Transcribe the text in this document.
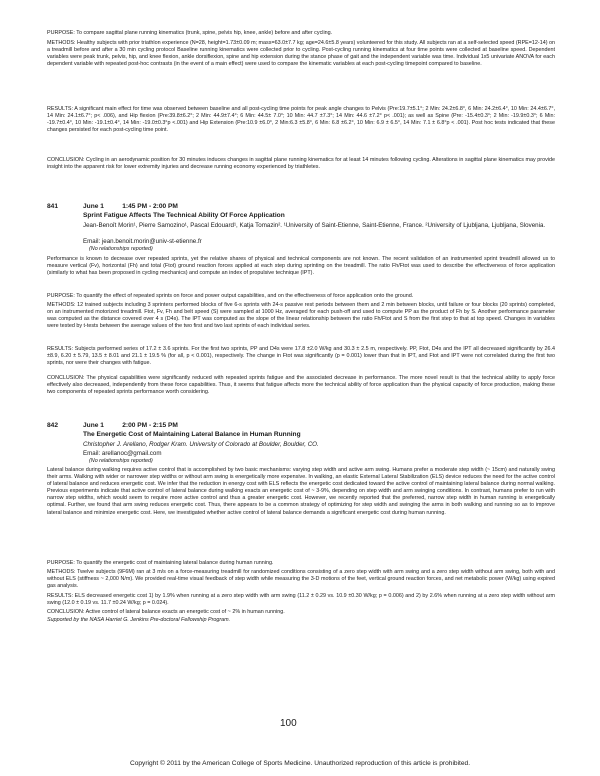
PURPOSE: To compare sagittal plane running kinematics (trunk, spine, pelvis hip, knee, ankle) before and after cycling.

METHODS: Healthy subjects with prior triathlon experience (N=28, height=1.73±0.09 m; mass=63.0±7.7 kg; age=24.6±5.8 years) volunteered for this study. All subjects ran at a self-selected speed (RPE=12-14) on a treadmill before and after a 30 min cycling protocol Baseline running kinematics were collected prior to cycling. Post-cycling running kinematics at four time points were collected at baseline speed. Dependent variables were peak trunk, pelvis, hip, and knee flexion, ankle dorsiflexion, spine and hip extension during the stance phase of gait and the independent variable was time. Individual 1x5 univariate ANOVA for each dependent variable with repeated post-hoc contrasts (in the event of a main effect) were used to compare the kinematic variables at each post-cycling timepoint compared to baseline.

RESULTS: A significant main effect for time was observed between baseline and all post-cycling time points for peak angle changes to Pelvis (Pre:19.7±5.1°; 2 Min: 24.2±6.8°, 6 Min: 24.2±6.4°, 10 Min: 24.4±6.7°, 14 Min: 24.1±6.7°; p< .006), and Hip flexion (Pre:39.8±6.2°; 2 Min: 44.9±7.4°; 6 Min: 44.5± 7.0°; 10 Min: 44.7 ±7.3°; 14 Min: 44.6 ±7.2° p< .001); as well as Spine (Pre: -15.4±0.3°; 2 Min: -19.9±0.3°; 6 Min: -19.7±0.4°, 10 Min: -19.1±0.4°, 14 Min: -19.0±0.3°p <.001) and Hip Extension (Pre:10.9 ±6.0°, 2 Min:6.3 ±5.8°, 6 Min: 6.8 ±6.2°, 10 Min: 6.9 ± 6.5°, 14 Min: 7.1 ± 6.8°p < .001). Post hoc tests indicated that these changes persisted for each post-cycling time point.

CONCLUSION: Cycling in an aerodynamic position for 30 minutes induces changes in sagittal plane running kinematics for at least 14 minutes following cycling. Alterations in sagittal plane kinematics may provide insight into the apparent risk for lower extremity injuries and decrease running economy experienced by triathletes.

841	June 1          1:45 PM - 2:00 PM
Sprint Fatigue Affects The Technical Ability Of Force Application
Jean-Benoît Morin¹, Pierre Samozino¹, Pascal Edouard¹, Katja Tomazin². ¹University of Saint-Etienne, Saint-Etienne, France. ²University of Ljubljana, Ljubljana, Slovenia.
Email: jean.benoit.morin@univ-st-etienne.fr
(No relationships reported)

Performance is known to decrease over repeated sprints, yet the relative shares of physical and technical components are not known. The recent validation of an instrumented sprint treadmill allowed us to measure vertical (Fv), horizontal (Fh) and total (Ftot) ground reaction forces applied at each step during sprinting on the treadmill. The ratio Fh/Ftot was used to describe the effectiveness of force application (similarly to what has been proposed in cycling mechanics) and compute an index of propulsive technique (IPT).

PURPOSE: To quantify the effect of repeated sprints on force and power output capabilities, and on the effectiveness of force application onto the ground.

METHODS: 12 trained subjects including 3 sprinters performed blocks of five 6-s sprints with 24-s passive rest periods between them and 2 min between blocks, until failure or four blocks (20 sprints) completed, on an instrumented motorized treadmill. Ftot, Fv, Fh and belt speed (S) were sampled at 1000 Hz, averaged for each push-off and used to compute PP as the product of Fh by S. Another performance parameter was computed as the distance covered over 4 s (D4s). The IPT was computed as the slope of the linear relationship between the ratio Fh/Ftot and S from the first step to that at top speed. Changes in variables were tested by t-tests between the average values of the two first and two last sprints of each individual series.

RESULTS: Subjects performed series of 17.2 ± 3.6 sprints. For the first two sprints, PP and D4s were 17.8 ±2.0 W/kg and 30.3 ± 2.5 m, respectively. PP, Ftot, D4s and the IPT all decreased significantly by 26.4 ±8.9, 6.20 ± 5.79, 13.5 ± 8.01 and 21.1 ± 19.5 % (for all, p < 0.001), respectively. The change in Ftot was significantly (p = 0.001) lower than that in IPT, and Ftot and IPT were not correlated during the first two sprints, nor were their changes with fatigue.

CONCLUSION: The physical capabilities were significantly reduced with repeated sprints fatigue and the associated decrease in performance. The more novel result is that the technical ability to apply force effectively also decreased, independently from these force capabilities. Thus, it seems that fatigue affects more the technical ability of force application than the physical capacity of force production, making these two components of repeated sprints performance worth considering.

842	June 1          2:00 PM - 2:15 PM
The Energetic Cost of Maintaining Lateral Balance in Human Running
Christopher J. Arellano, Rodger Kram. University of Colorado at Boulder, Boulder, CO.
Email: arellanoc@gmail.com
(No relationships reported)

Lateral balance during walking requires active control that is accomplished by two basic mechanisms: varying step width and active arm swing. Humans prefer a moderate step width (~ 15cm) and naturally swing their arms. Walking with wider or narrower step widths or without arm swing is energetically more expensive. In walking, an elastic External Lateral Stabilization (ELS) device reduces the need for the active control of lateral balance and reduces energetic cost. We infer that the reduction in energy cost with ELS reflects the energetic cost dedicated toward the active control of maintaining lateral balance during normal walking. Previous experiments indicate that active control of lateral balance during walking exacts an energetic cost of ~ 3-9%, depending on step width and arm swinging conditions. In contrast, humans prefer to run with narrow step widths, which would seem to require more active control and thus a greater energetic cost. However, we recently reported that the preferred, narrow step width in human running is energetically optimal. Further, we found that arm swing reduces energetic cost. Thus, there appears to be a common strategy of optimizing for step width and swinging the arms in both walking and running so as to improve lateral balance and minimize energetic cost. Here, we investigated whether active control of lateral balance demands a significant energetic cost during human running.

PURPOSE: To quantify the energetic cost of maintaining lateral balance during human running.

METHODS: Twelve subjects (9F6M) ran at 3 m/s on a force-measuring treadmill for randomized conditions consisting of a zero step width with arm swing and a zero step width without arm swing, both with and without ELS (stiffness ~ 2,000 N/m). We provided real-time visual feedback of step width while measuring the 3-D motions of the feet, vertical ground reaction forces, and net metabolic power (W/kg) using expired gas analysis.

RESULTS: ELS decreased energetic cost 1) by 1.9% when running at a zero step width with arm swing (11.2 ± 0.29 vs. 10.9 ±0.30 W/kg; p = 0.006) and 2) by 2.6% when running at a zero step width without arm swing (12.0 ± 0.19 vs. 11.7 ±0.24 W/kg; p = 0.024).

CONCLUSION: Active control of lateral balance exacts an energetic cost of ~ 2% in human running.

Supported by the NASA Harriet G. Jenkins Pre-doctoral Fellowship Program.

100
Copyright © 2011 by the American College of Sports Medicine. Unauthorized reproduction of this article is prohibited.
